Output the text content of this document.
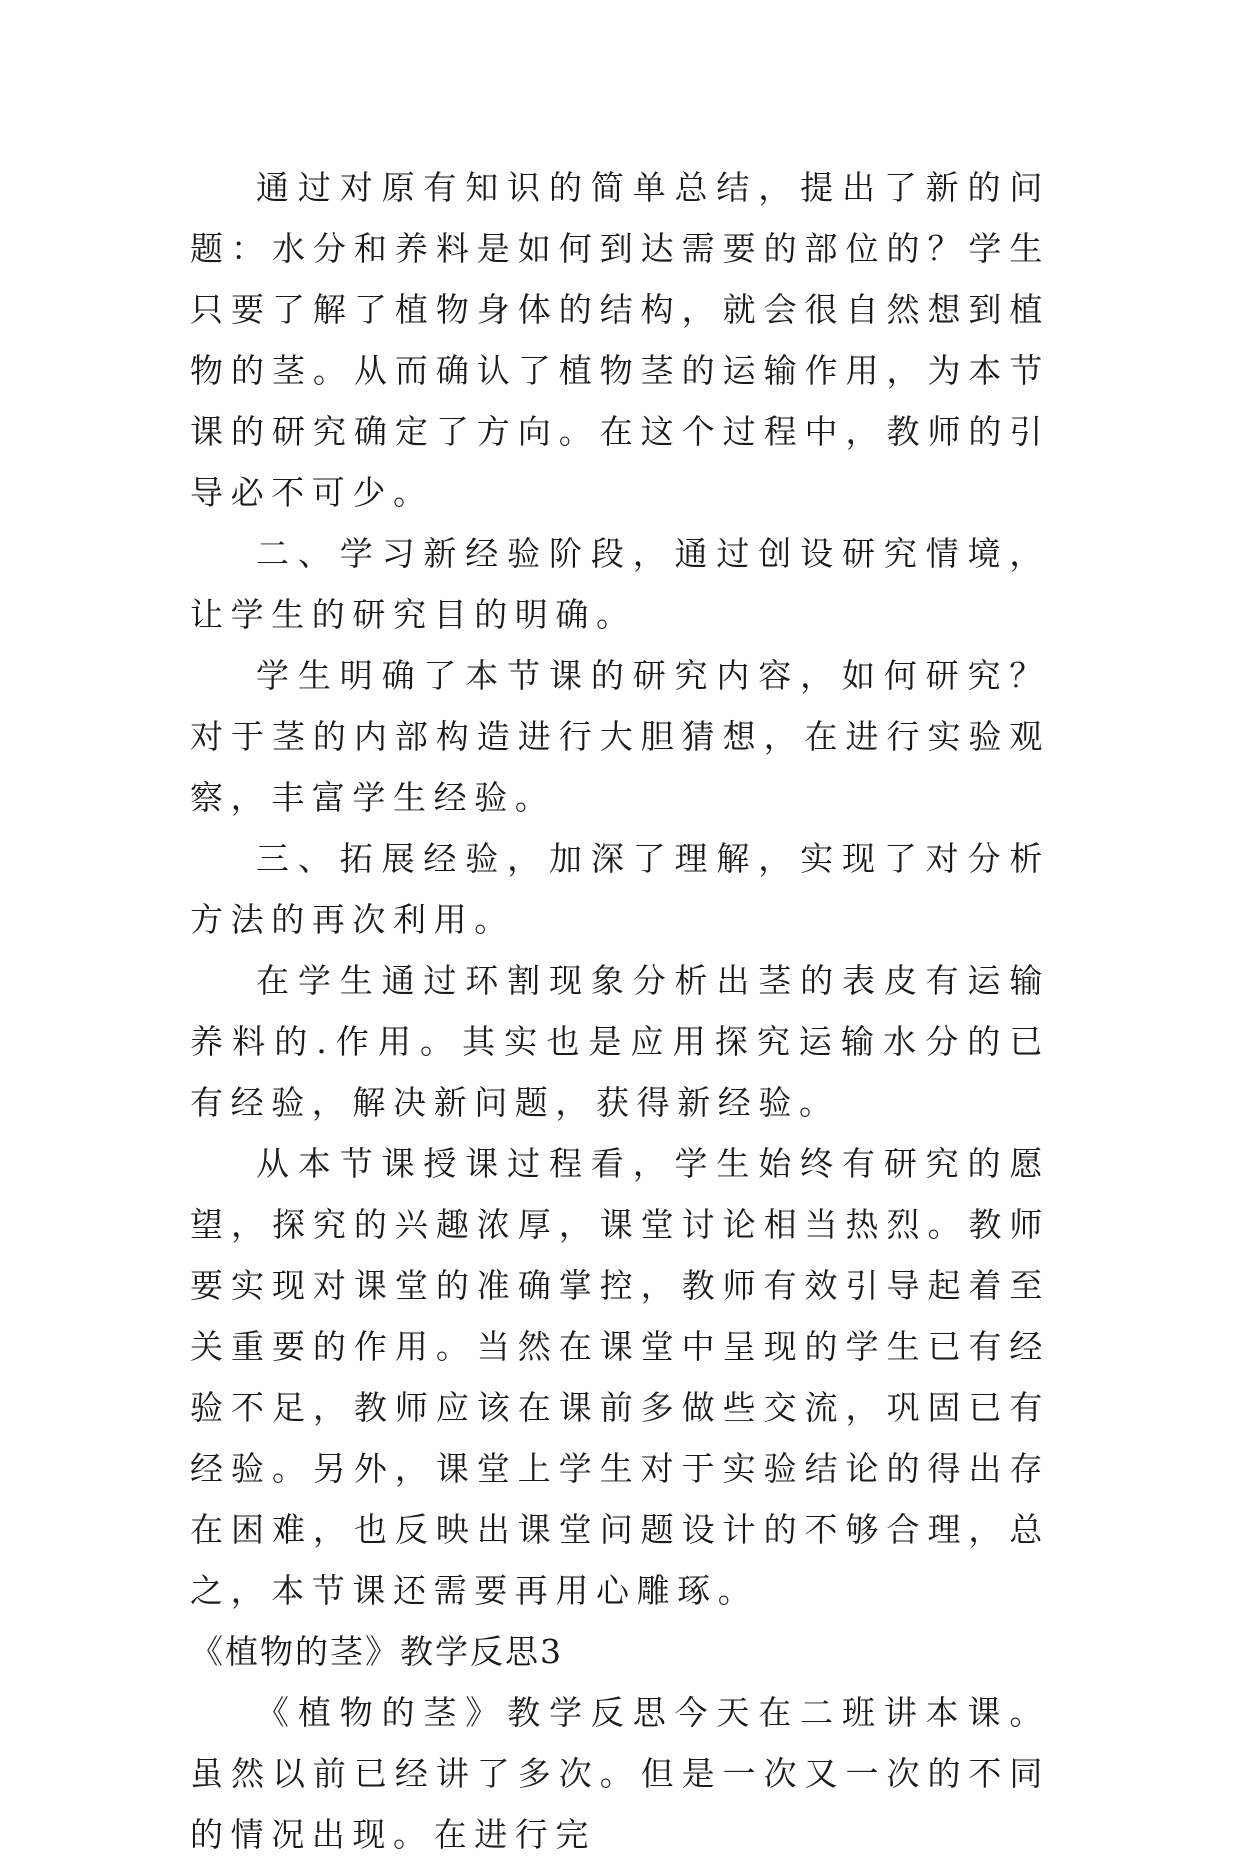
通过对原有知识的简单总结，提出了新的问题：水分和养料是如何到达需要的部位的？学生只要了解了植物身体的结构，就会很自然想到植物的茎。从而确认了植物茎的运输作用，为本节课的研究确定了方向。在这个过程中，教师的引导必不可少。

二、学习新经验阶段，通过创设研究情境，让学生的研究目的明确。

学生明确了本节课的研究内容，如何研究？对于茎的内部构造进行大胆猜想，在进行实验观察，丰富学生经验。

三、拓展经验，加深了理解，实现了对分析方法的再次利用。

在学生通过环割现象分析出茎的表皮有运输养料的.作用。其实也是应用探究运输水分的已有经验，解决新问题，获得新经验。

从本节课授课过程看，学生始终有研究的愿望，探究的兴趣浓厚，课堂讨论相当热烈。教师要实现对课堂的准确掌控，教师有效引导起着至关重要的作用。当然在课堂中呈现的学生已有经验不足，教师应该在课前多做些交流，巩固已有经验。另外，课堂上学生对于实验结论的得出存在困难，也反映出课堂问题设计的不够合理，总之，本节课还需要再用心雕琢。

《植物的茎》教学反思3

《植物的茎》教学反思今天在二班讲本课。虽然以前已经讲了多次。但是一次又一次的不同的情况出现。在进行完
